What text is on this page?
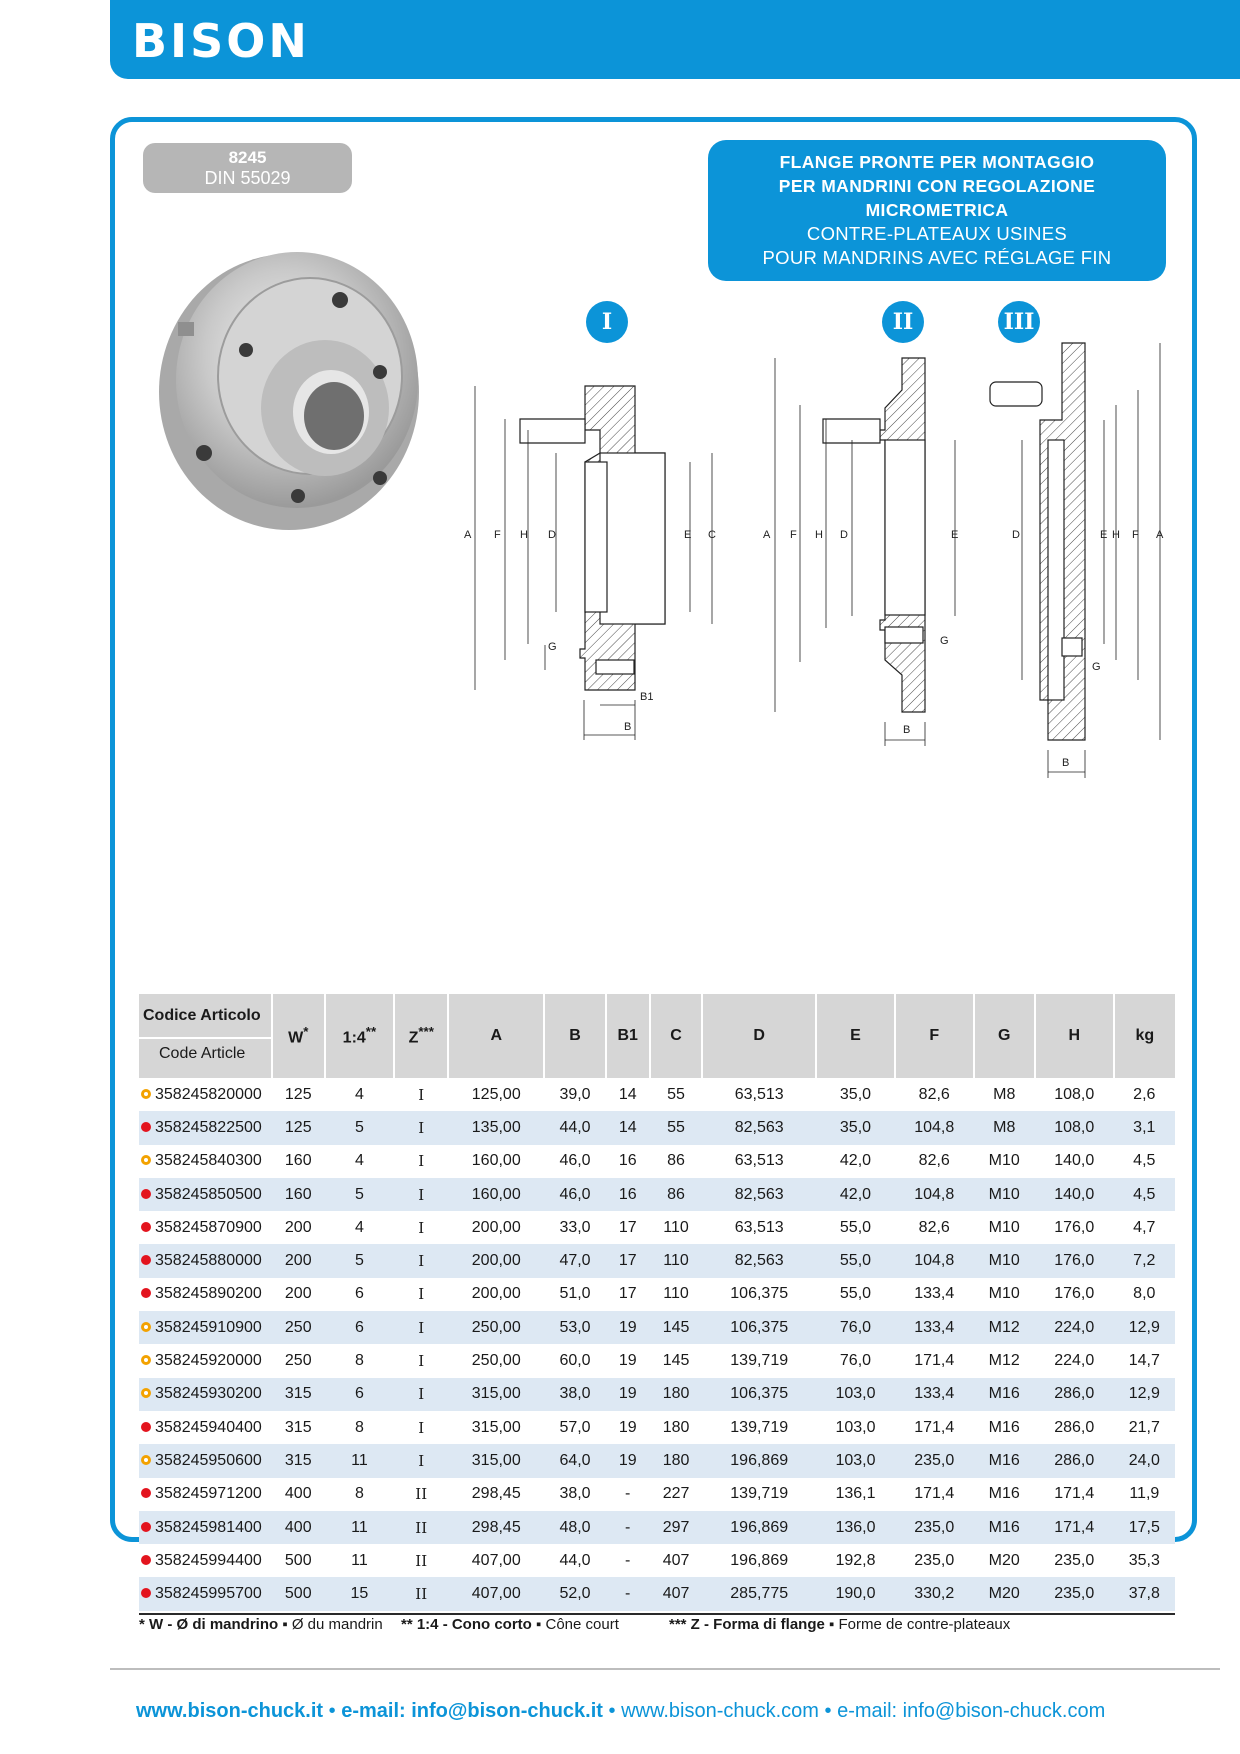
BISON
8245
DIN 55029
FLANGE PRONTE PER MONTAGGIO
PER MANDRINI CON REGOLAZIONE
MICROMETRICA
CONTRE-PLATEAUX USINES
POUR MANDRINS AVEC RÉGLAGE FIN
I	II	III
A F H D	E C
G
B1
B
A F H D	E
G
B
D	E H F A
G
B
Codice Articolo
Code Article	W*	1:4**	Z***	A	B	B1	C	D	E	F	G	H	kg
358245820000	125	4	I	125,00	39,0	14	55	63,513	35,0	82,6	M8	108,0	2,6
358245822500	125	5	I	135,00	44,0	14	55	82,563	35,0	104,8	M8	108,0	3,1
358245840300	160	4	I	160,00	46,0	16	86	63,513	42,0	82,6	M10	140,0	4,5
358245850500	160	5	I	160,00	46,0	16	86	82,563	42,0	104,8	M10	140,0	4,5
358245870900	200	4	I	200,00	33,0	17	110	63,513	55,0	82,6	M10	176,0	4,7
358245880000	200	5	I	200,00	47,0	17	110	82,563	55,0	104,8	M10	176,0	7,2
358245890200	200	6	I	200,00	51,0	17	110	106,375	55,0	133,4	M10	176,0	8,0
358245910900	250	6	I	250,00	53,0	19	145	106,375	76,0	133,4	M12	224,0	12,9
358245920000	250	8	I	250,00	60,0	19	145	139,719	76,0	171,4	M12	224,0	14,7
358245930200	315	6	I	315,00	38,0	19	180	106,375	103,0	133,4	M16	286,0	12,9
358245940400	315	8	I	315,00	57,0	19	180	139,719	103,0	171,4	M16	286,0	21,7
358245950600	315	11	I	315,00	64,0	19	180	196,869	103,0	235,0	M16	286,0	24,0
358245971200	400	8	II	298,45	38,0	-	227	139,719	136,1	171,4	M16	171,4	11,9
358245981400	400	11	II	298,45	48,0	-	297	196,869	136,0	235,0	M16	171,4	17,5
358245994400	500	11	II	407,00	44,0	-	407	196,869	192,8	235,0	M20	235,0	35,3
358245995700	500	15	II	407,00	52,0	-	407	285,775	190,0	330,2	M20	235,0	37,8
* W - Ø di mandrino ▪ Ø du mandrin ** 1:4 - Cono corto ▪ Cône court	*** Z - Forma di flange ▪ Forme de contre-plateaux
www.bison-chuck.it • e-mail: info@bison-chuck.it • www.bison-chuck.com • e-mail: info@bison-chuck.com
